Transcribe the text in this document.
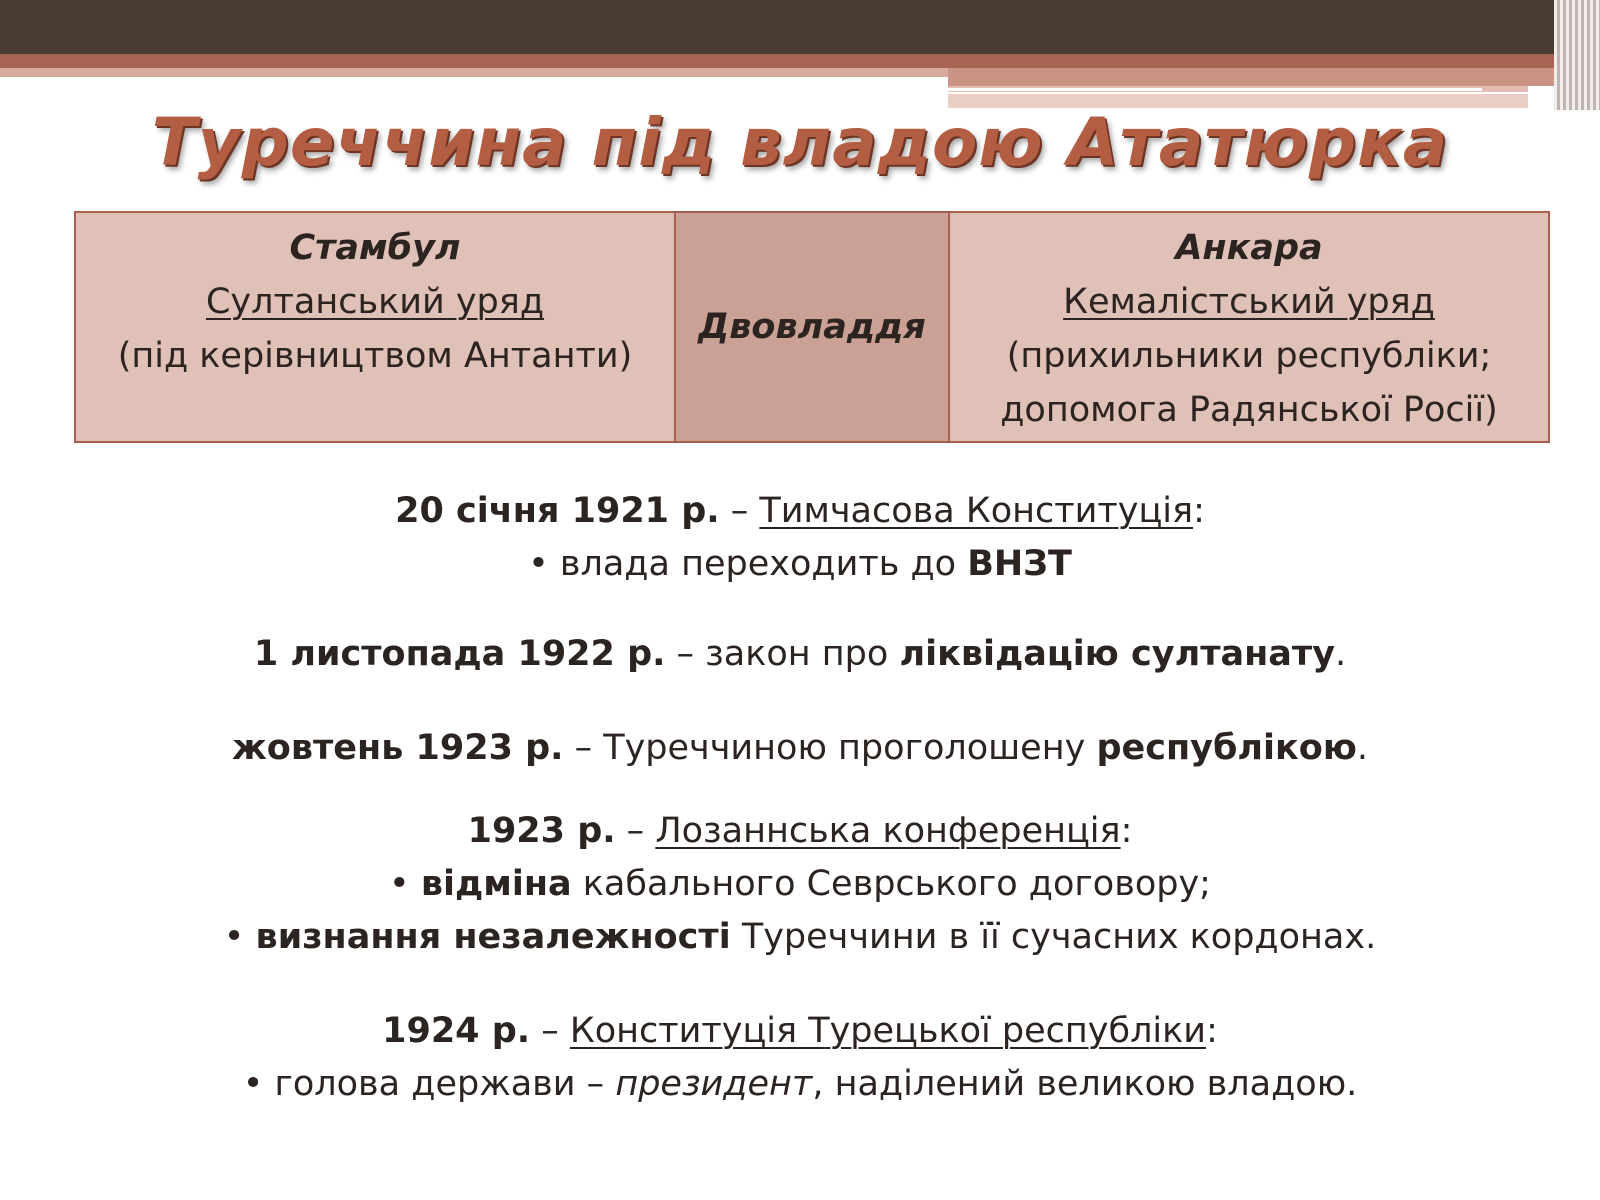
Туреччина під владою Ататюрка
Стамбул
Султанський уряд
(під керівництвом Антанти)
Двовладдя
Анкара
Кемалістський уряд
(прихильники республіки;
допомога Радянської Росії)
20 січня 1921 р. – Тимчасова Конституція:
• влада переходить до ВНЗТ
1 листопада 1922 р. – закон про ліквідацію султанату.
жовтень 1923 р. – Туреччиною проголошену республікою.
1923 р. – Лозаннська конференція:
• відміна кабального Севрського договору;
• визнання незалежності Туреччини в її сучасних кордонах.
1924 р. – Конституція Турецької республіки:
• голова держави – президент, наділений великою владою.
